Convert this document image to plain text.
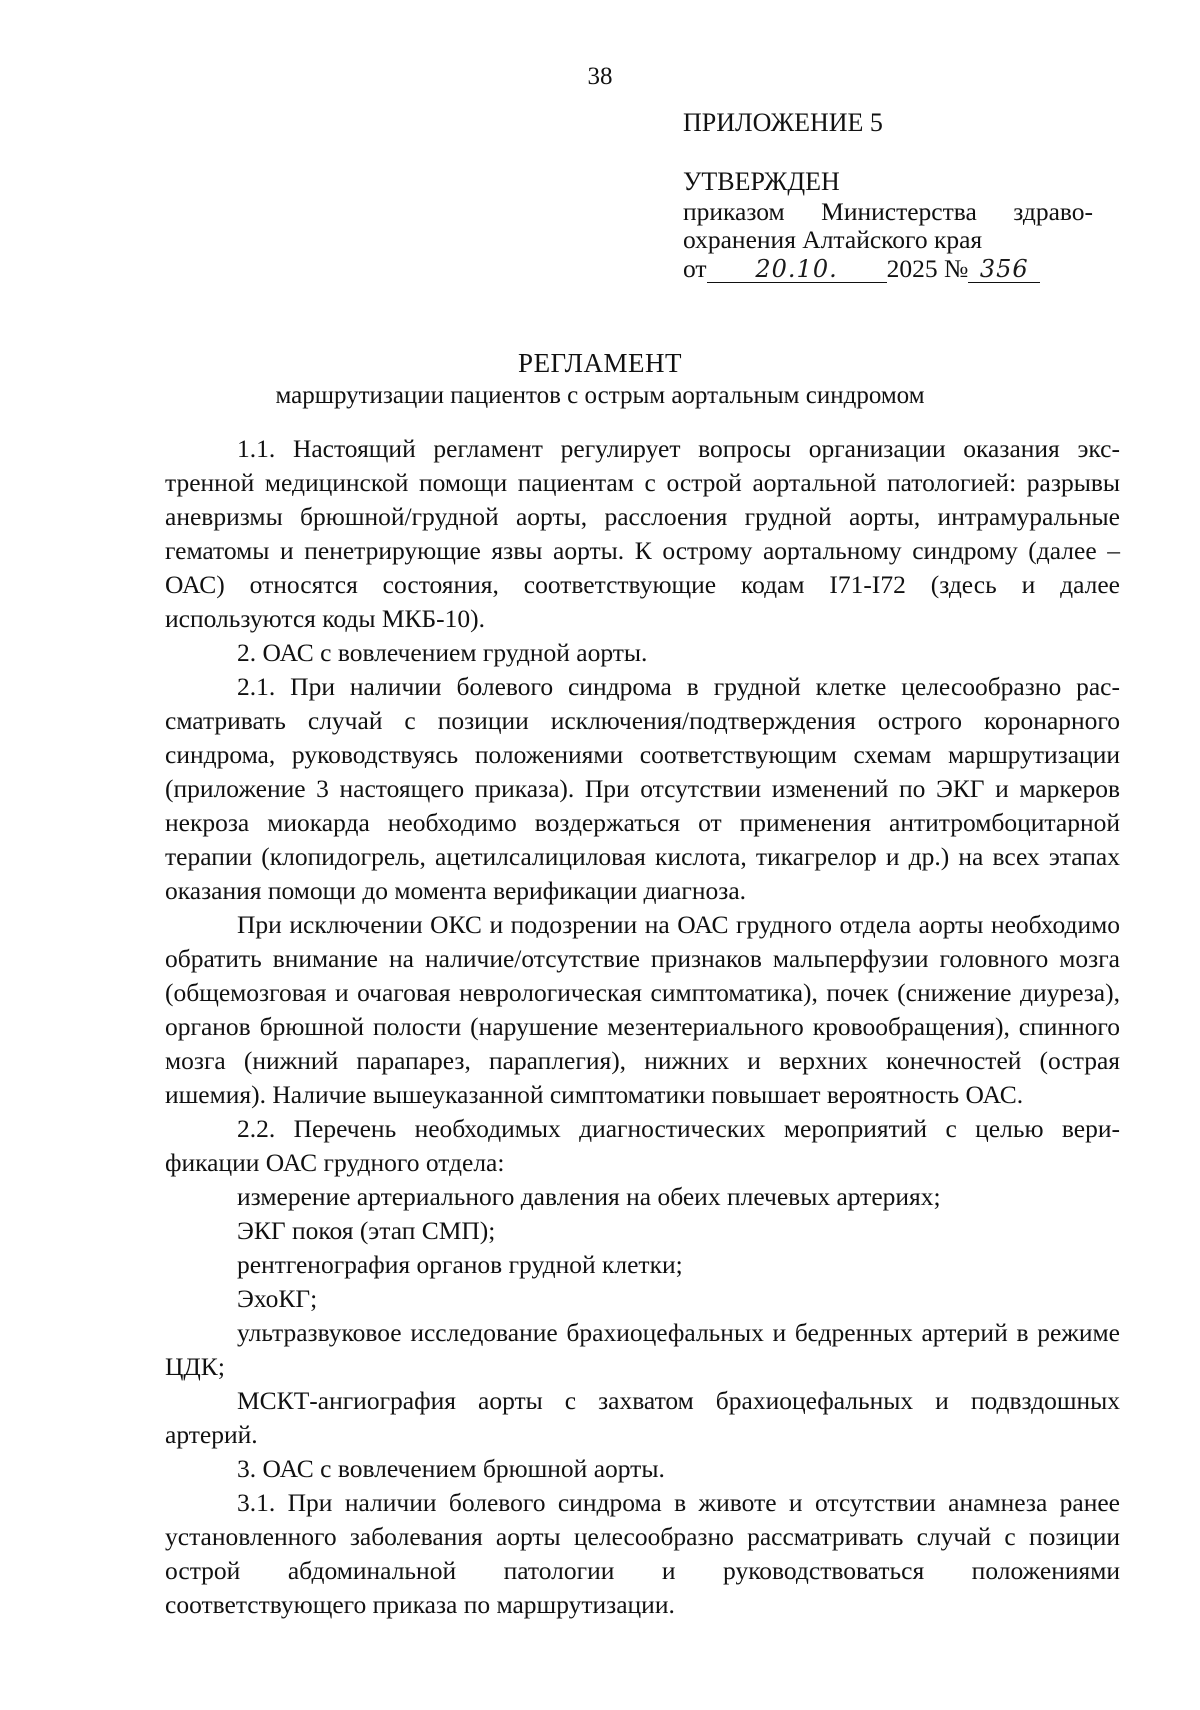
38
ПРИЛОЖЕНИЕ 5
УТВЕРЖДЕН
приказом Министерства здраво-
охранения Алтайского края
от 20.10. 2025 № 356
РЕГЛАМЕНТ
маршрутизации пациентов с острым аортальным синдромом

1.1. Настоящий регламент регулирует вопросы организации оказания экстренной медицинской помощи пациентам с острой аортальной патологией: разрывы аневризмы брюшной/грудной аорты, расслоения грудной аорты, интрамуральные гематомы и пенетрирующие язвы аорты. К острому аортальному синдрому (далее – ОАС) относятся состояния, соответствующие кодам I71-I72 (здесь и далее используются коды МКБ-10).

2. ОАС с вовлечением грудной аорты.

2.1. При наличии болевого синдрома в грудной клетке целесообразно рассматривать случай с позиции исключения/подтверждения острого коронарного синдрома, руководствуясь положениями соответствующим схемам маршрутизации (приложение 3 настоящего приказа). При отсутствии изменений по ЭКГ и маркеров некроза миокарда необходимо воздержаться от применения антитромбоцитарной терапии (клопидогрель, ацетилсалициловая кислота, тикагрелор и др.) на всех этапах оказания помощи до момента верификации диагноза.

При исключении ОКС и подозрении на ОАС грудного отдела аорты необходимо обратить внимание на наличие/отсутствие признаков мальперфузии головного мозга (общемозговая и очаговая неврологическая симптоматика), почек (снижение диуреза), органов брюшной полости (нарушение мезентериального кровообращения), спинного мозга (нижний парапарез, параплегия), нижних и верхних конечностей (острая ишемия). Наличие вышеуказанной симптоматики повышает вероятность ОАС.

2.2. Перечень необходимых диагностических мероприятий с целью верификации ОАС грудного отдела:

измерение артериального давления на обеих плечевых артериях;

ЭКГ покоя (этап СМП);

рентгенография органов грудной клетки;

ЭхоКГ;

ультразвуковое исследование брахиоцефальных и бедренных артерий в режиме ЦДК;

МСКТ-ангиография аорты с захватом брахиоцефальных и подвздошных артерий.

3. ОАС с вовлечением брюшной аорты.

3.1. При наличии болевого синдрома в животе и отсутствии анамнеза ранее установленного заболевания аорты целесообразно рассматривать случай с позиции острой абдоминальной патологии и руководствоваться положениями соответствующего приказа по маршрутизации.
